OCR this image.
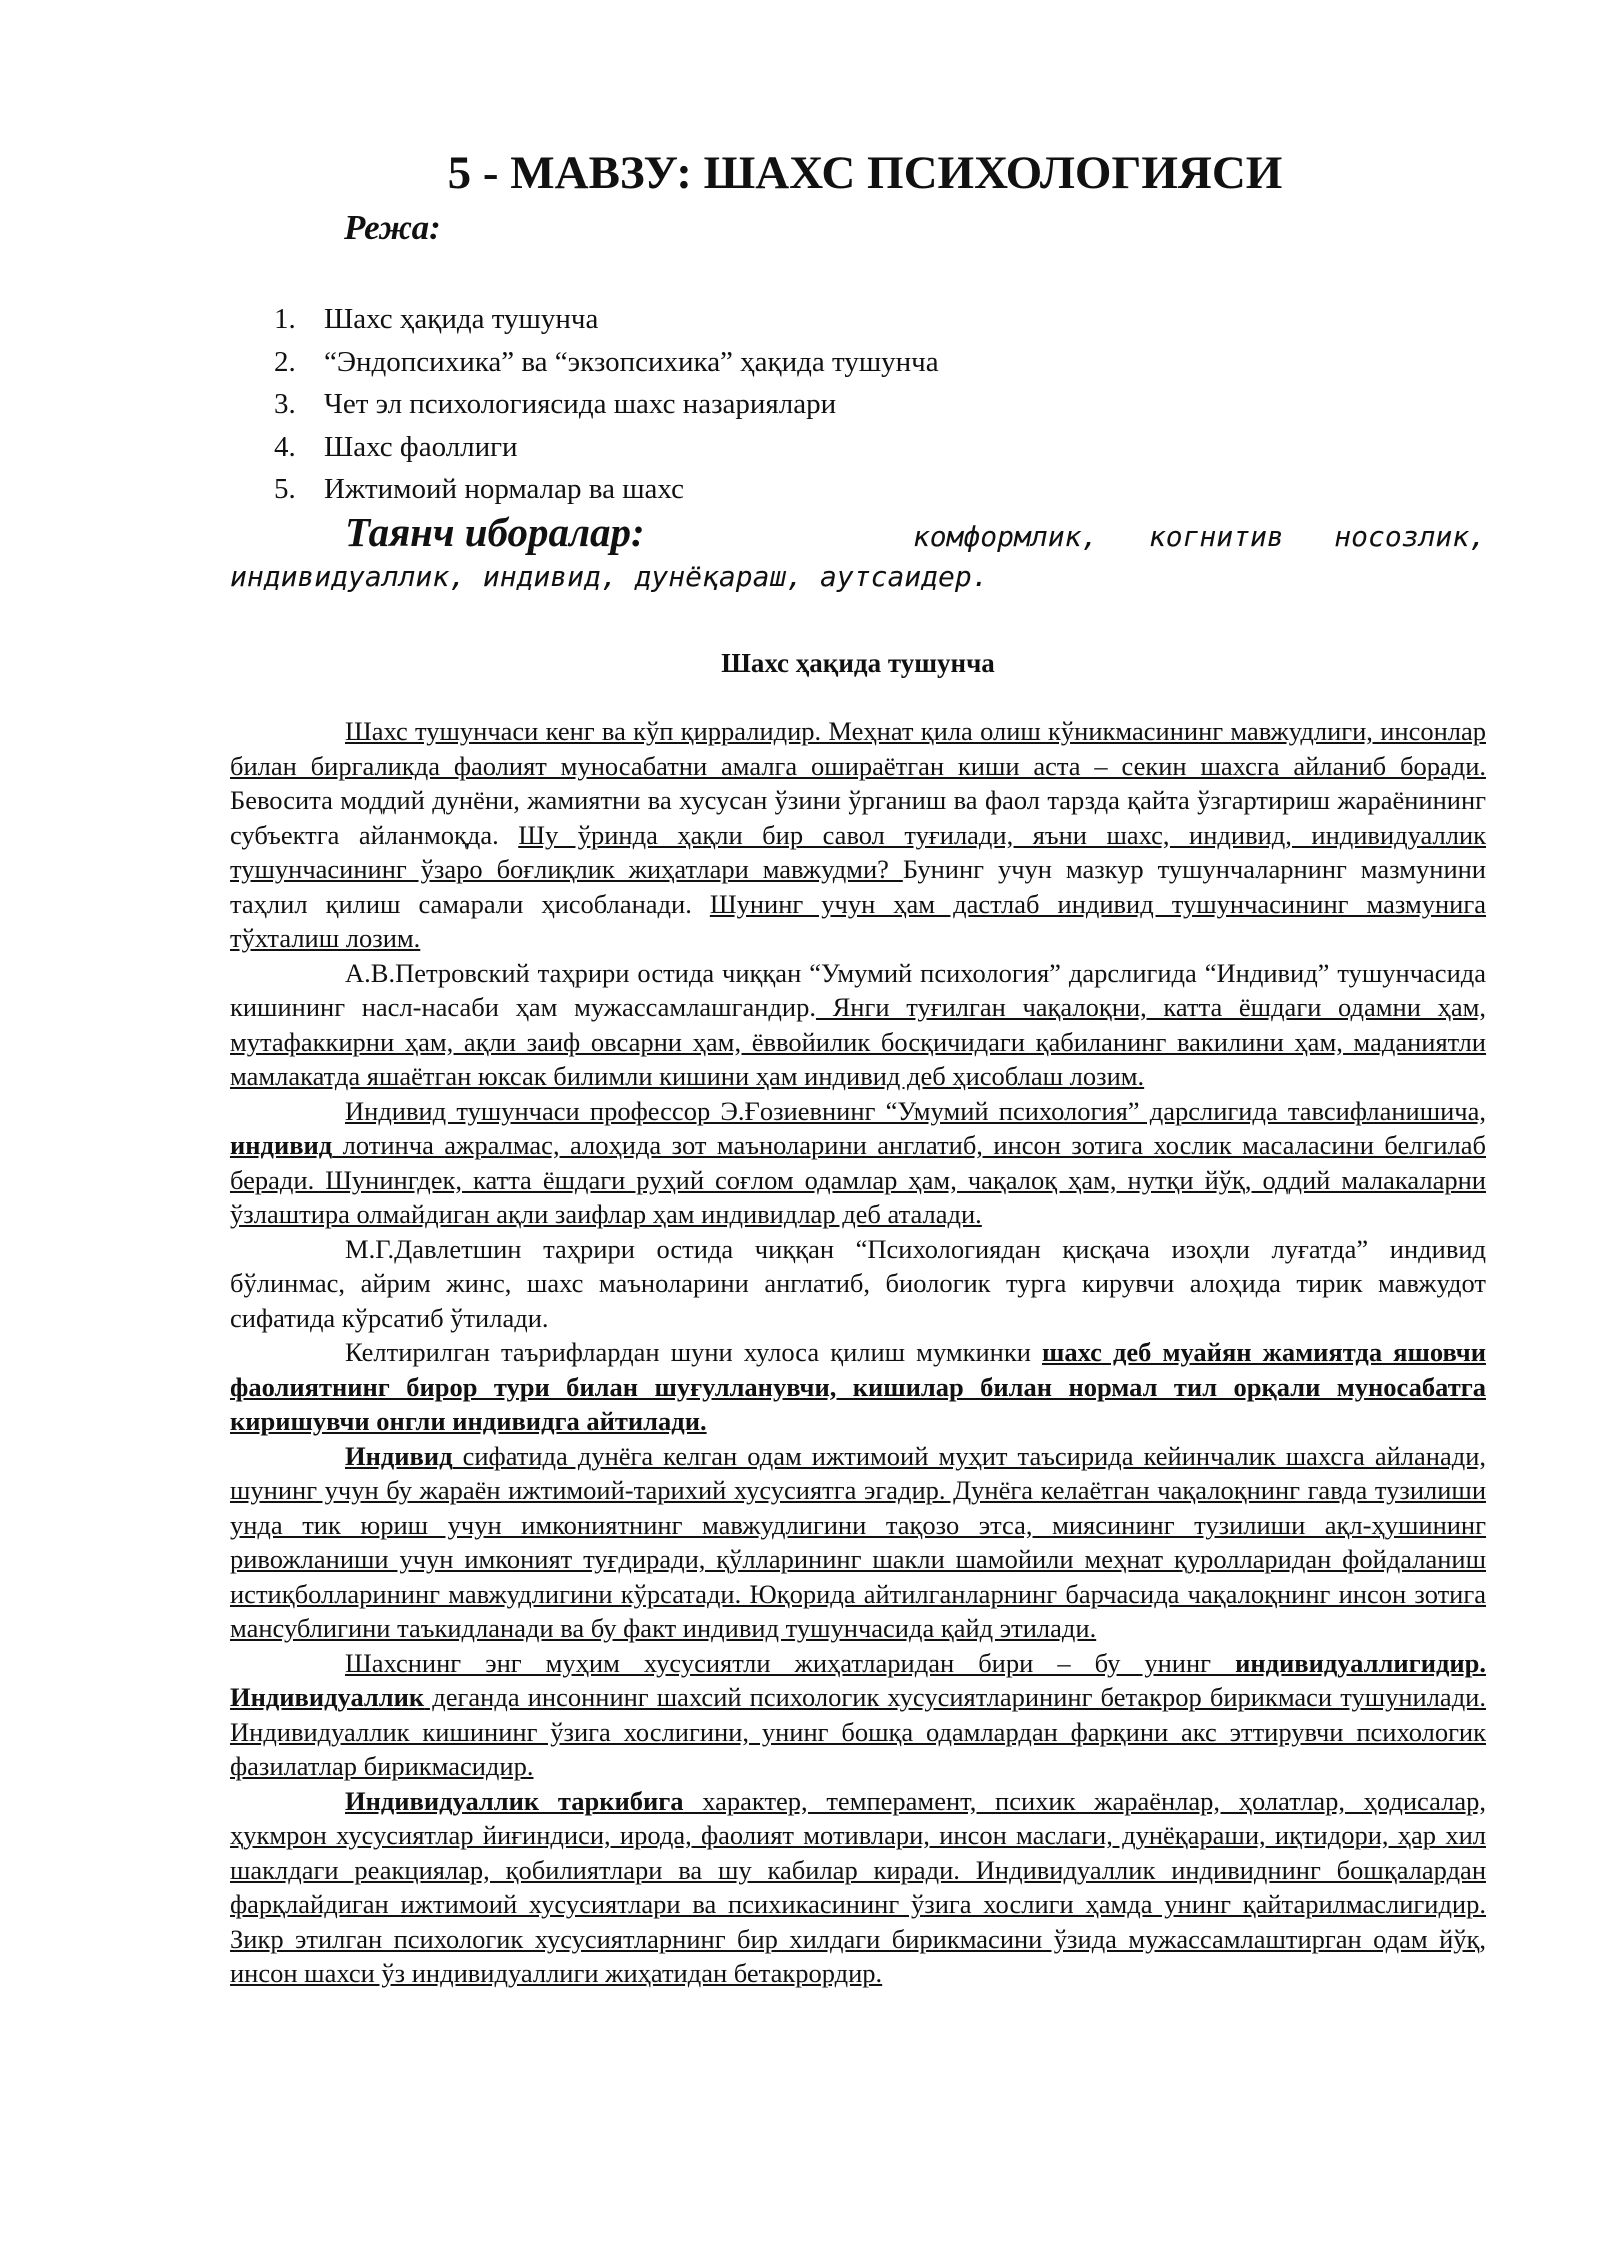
5 - МАВЗУ: ШАХС ПСИХОЛОГИЯСИ
Режа:
1. Шахс ҳақида тушунча
2. “Эндопсихика” ва “экзопсихика” ҳақида тушунча
3. Чет эл психологиясида шахс назариялари
4. Шахс фаоллиги
5. Ижтимоий нормалар ва шахс
Таянч иборалар:	комформлик,   когнитив   носозлик,
индивидуаллик, индивид, дунёқараш, аутсаидер.
Шахс ҳақида тушунча

Шахс тушунчаси кенг ва кўп қирралидир. Меҳнат қила олиш кўникмасининг мавжудлиги, инсонлар билан биргаликда фаолият муносабатни амалга ошираётган киши аста – секин шахсга айланиб боради. Бевосита моддий дунёни, жамиятни ва хусусан ўзини ўрганиш ва фаол тарзда қайта ўзгартириш жараёнининг субъектга айланмоқда. Шу ўринда ҳақли бир савол туғилади, яъни шахс, индивид, индивидуаллик тушунчасининг ўзаро боғлиқлик жиҳатлари мавжудми? Бунинг учун мазкур тушунчаларнинг мазмунини таҳлил қилиш самарали ҳисобланади. Шунинг учун ҳам дастлаб индивид тушунчасининг мазмунига тўхталиш лозим.

А.В.Петровский таҳрири остида чиққан “Умумий психология” дарслигида “Индивид” тушунчасида кишининг насл-насаби ҳам мужассамлашгандир. Янги туғилган чақалоқни, катта ёшдаги одамни ҳам, мутафаккирни ҳам, ақли заиф овсарни ҳам, ёввойилик босқичидаги қабиланинг вакилини ҳам, маданиятли мамлакатда яшаётган юксак билимли кишини ҳам индивид деб ҳисоблаш лозим.

Индивид тушунчаси профессор Э.Ғозиевнинг “Умумий психология” дарслигида тавсифланишича, индивид лотинча ажралмас, алоҳида зот маъноларини англатиб, инсон зотига хослик масаласини белгилаб беради. Шунингдек, катта ёшдаги руҳий соғлом одамлар ҳам, чақалоқ ҳам, нутқи йўқ, оддий малакаларни ўзлаштира олмайдиган ақли заифлар ҳам индивидлар деб аталади.

М.Г.Давлетшин таҳрири остида чиққан “Психологиядан қисқача изоҳли луғатда” индивид бўлинмас, айрим жинс, шахс маъноларини англатиб, биологик турга кирувчи алоҳида тирик мавжудот сифатида кўрсатиб ўтилади.

Келтирилган таърифлардан шуни хулоса қилиш мумкинки шахс деб муайян жамиятда яшовчи фаолиятнинг бирор тури билан шуғулланувчи, кишилар билан нормал тил орқали муносабатга киришувчи онгли индивидга айтилади.

Индивид сифатида дунёга келган одам ижтимоий муҳит таъсирида кейинчалик шахсга айланади, шунинг учун бу жараён ижтимоий-тарихий хусусиятга эгадир. Дунёга келаётган чақалоқнинг гавда тузилиши унда тик юриш учун имкониятнинг мавжудлигини тақозо этса, миясининг тузилиши ақл-ҳушининг ривожланиши учун имконият туғдиради, қўлларининг шакли шамойили меҳнат қуролларидан фойдаланиш истиқболларининг мавжудлигини кўрсатади. Юқорида айтилганларнинг барчасида чақалоқнинг инсон зотига мансублигини таъкидланади ва бу факт индивид тушунчасида қайд этилади.

Шахснинг энг муҳим хусусиятли жиҳатларидан бири – бу унинг индивидуаллигидир. Индивидуаллик деганда инсоннинг шахсий психологик хусусиятларининг бетакрор бирикмаси тушунилади. Индивидуаллик кишининг ўзига хослигини, унинг бошқа одамлардан фарқини акс эттирувчи психологик фазилатлар бирикмасидир.

Индивидуаллик таркибига характер, темперамент, психик жараёнлар, ҳолатлар, ҳодисалар, ҳукмрон хусусиятлар йиғиндиси, ирода, фаолият мотивлари, инсон маслаги, дунёқараши, иқтидори, ҳар хил шаклдаги реакциялар, қобилиятлари ва шу кабилар киради. Индивидуаллик индивиднинг бошқалардан фарқлайдиган ижтимоий хусусиятлари ва психикасининг ўзига хослиги ҳамда унинг қайтарилмаслигидир. Зикр этилган психологик хусусиятларнинг бир хилдаги бирикмасини ўзида мужассамлаштирган одам йўқ, инсон шахси ўз индивидуаллиги жиҳатидан бетакрордир.
